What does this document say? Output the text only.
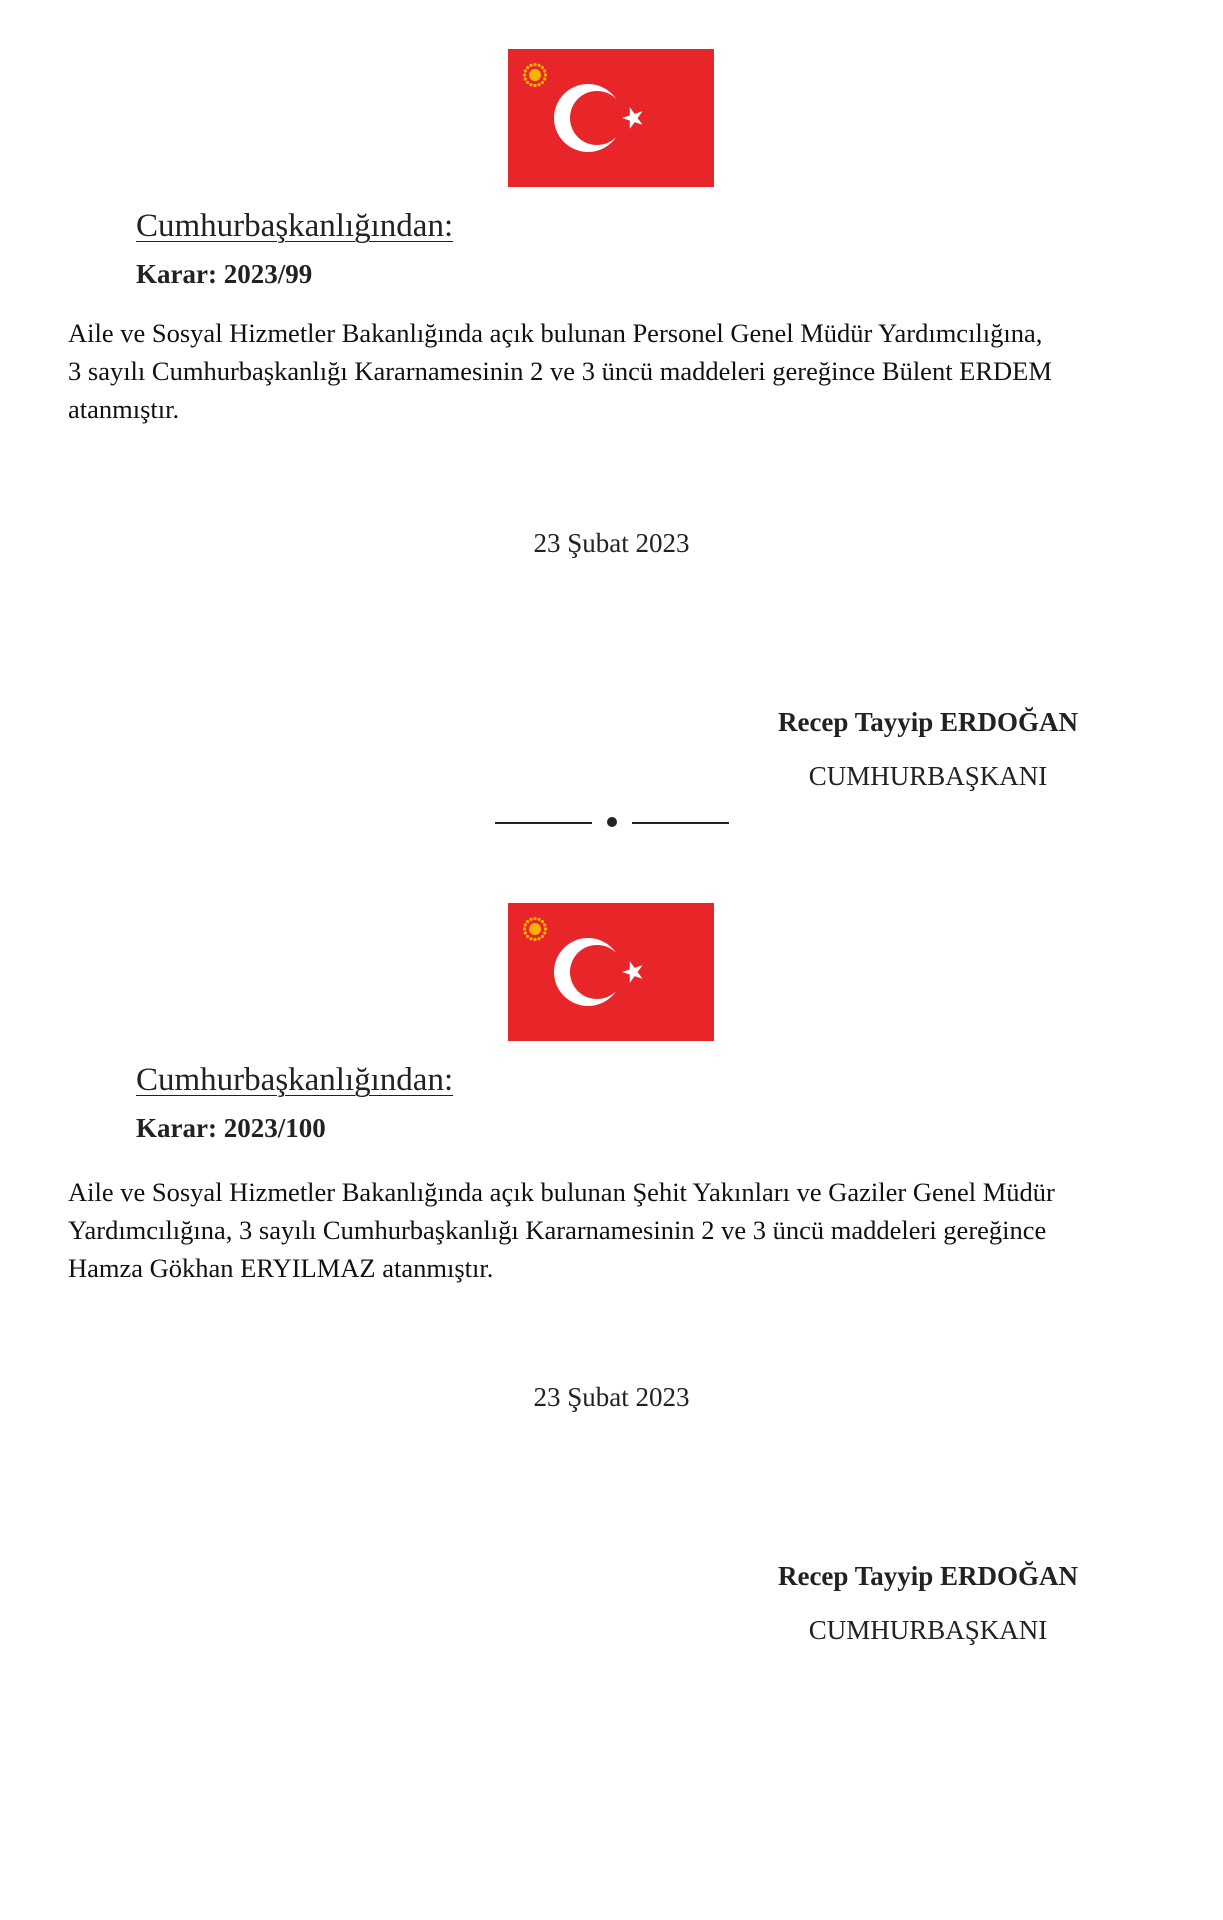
Cumhurbaşkanlığından:
Karar: 2023/99
Aile ve Sosyal Hizmetler Bakanlığında açık bulunan Personel Genel Müdür Yardımcılığına,
3 sayılı Cumhurbaşkanlığı Kararnamesinin 2 ve 3 üncü maddeleri gereğince Bülent ERDEM
atanmıştır.
23 Şubat 2023
Recep Tayyip ERDOĞAN
CUMHURBAŞKANI
Cumhurbaşkanlığından:
Karar: 2023/100
Aile ve Sosyal Hizmetler Bakanlığında açık bulunan Şehit Yakınları ve Gaziler Genel Müdür
Yardımcılığına, 3 sayılı Cumhurbaşkanlığı Kararnamesinin 2 ve 3 üncü maddeleri gereğince
Hamza Gökhan ERYILMAZ atanmıştır.
23 Şubat 2023
Recep Tayyip ERDOĞAN
CUMHURBAŞKANI
